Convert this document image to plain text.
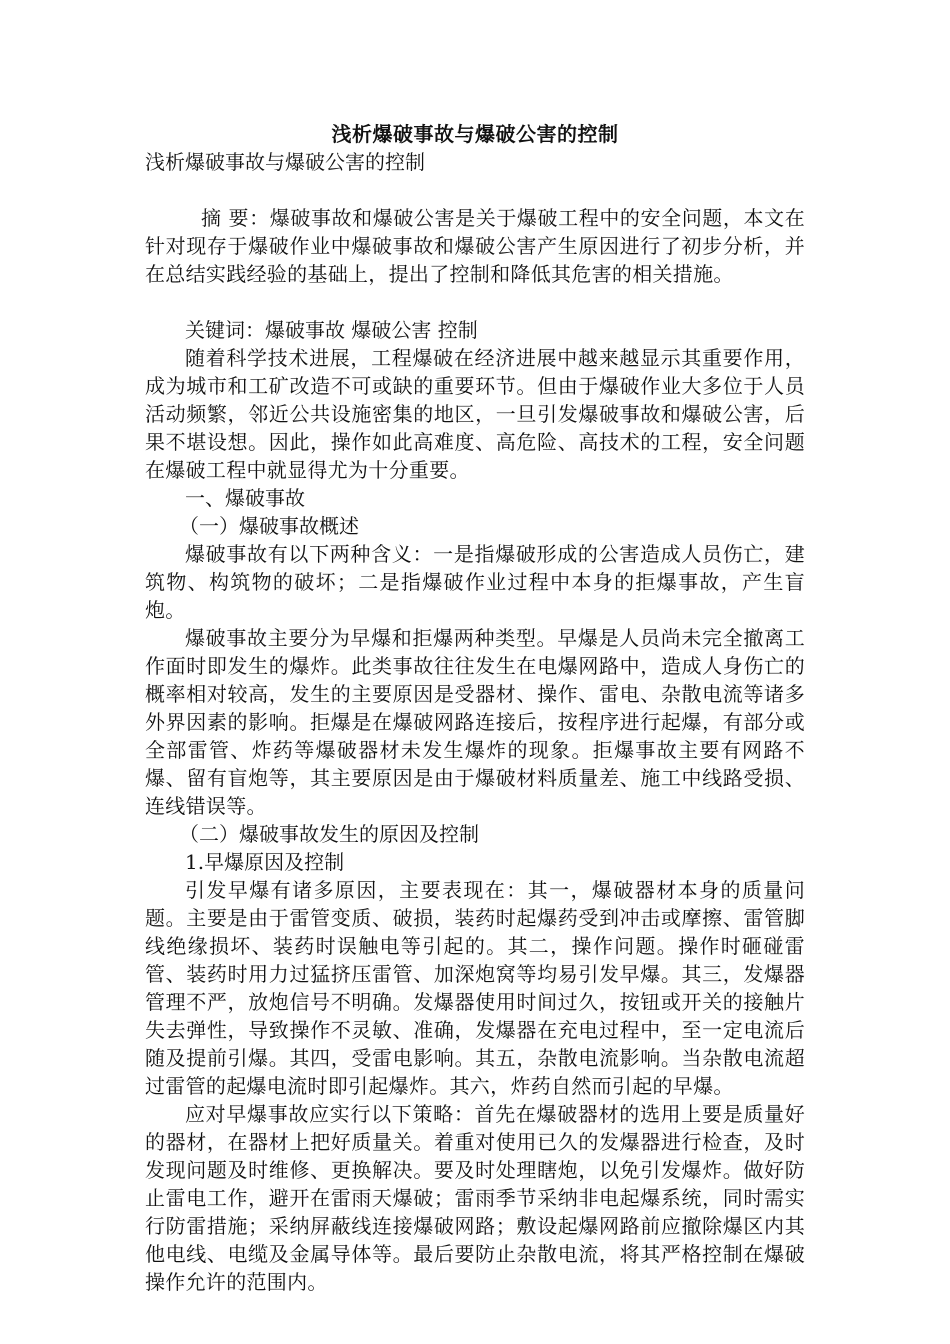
浅析爆破事故与爆破公害的控制
浅析爆破事故与爆破公害的控制
摘 要：爆破事故和爆破公害是关于爆破工程中的安全问题，本文在针对现存于爆破作业中爆破事故和爆破公害产生原因进行了初步分析，并在总结实践经验的基础上，提出了控制和降低其危害的相关措施。
关键词：爆破事故 爆破公害 控制
随着科学技术进展，工程爆破在经济进展中越来越显示其重要作用，成为城市和工矿改造不可或缺的重要环节。但由于爆破作业大多位于人员活动频繁，邻近公共设施密集的地区，一旦引发爆破事故和爆破公害，后果不堪设想。因此，操作如此高难度、高危险、高技术的工程，安全问题在爆破工程中就显得尤为十分重要。
一、爆破事故
（一）爆破事故概述
爆破事故有以下两种含义：一是指爆破形成的公害造成人员伤亡，建筑物、构筑物的破坏；二是指爆破作业过程中本身的拒爆事故，产生盲炮。
爆破事故主要分为早爆和拒爆两种类型。早爆是人员尚未完全撤离工作面时即发生的爆炸。此类事故往往发生在电爆网路中，造成人身伤亡的概率相对较高，发生的主要原因是受器材、操作、雷电、杂散电流等诸多外界因素的影响。拒爆是在爆破网路连接后，按程序进行起爆，有部分或全部雷管、炸药等爆破器材未发生爆炸的现象。拒爆事故主要有网路不爆、留有盲炮等，其主要原因是由于爆破材料质量差、施工中线路受损、连线错误等。
（二）爆破事故发生的原因及控制
1.早爆原因及控制
引发早爆有诸多原因，主要表现在：其一，爆破器材本身的质量问题。主要是由于雷管变质、破损，装药时起爆药受到冲击或摩擦、雷管脚线绝缘损坏、装药时误触电等引起的。其二，操作问题。操作时砸碰雷管、装药时用力过猛挤压雷管、加深炮窝等均易引发早爆。其三，发爆器管理不严，放炮信号不明确。发爆器使用时间过久，按钮或开关的接触片失去弹性，导致操作不灵敏、准确，发爆器在充电过程中，至一定电流后随及提前引爆。其四，受雷电影响。其五，杂散电流影响。当杂散电流超过雷管的起爆电流时即引起爆炸。其六，炸药自然而引起的早爆。
应对早爆事故应实行以下策略：首先在爆破器材的选用上要是质量好的器材，在器材上把好质量关。着重对使用已久的发爆器进行检查，及时发现问题及时维修、更换解决。要及时处理瞎炮，以免引发爆炸。做好防止雷电工作，避开在雷雨天爆破；雷雨季节采纳非电起爆系统，同时需实行防雷措施；采纳屏蔽线连接爆破网路；敷设起爆网路前应撤除爆区内其他电线、电缆及金属导体等。最后要防止杂散电流，将其严格控制在爆破操作允许的范围内。
